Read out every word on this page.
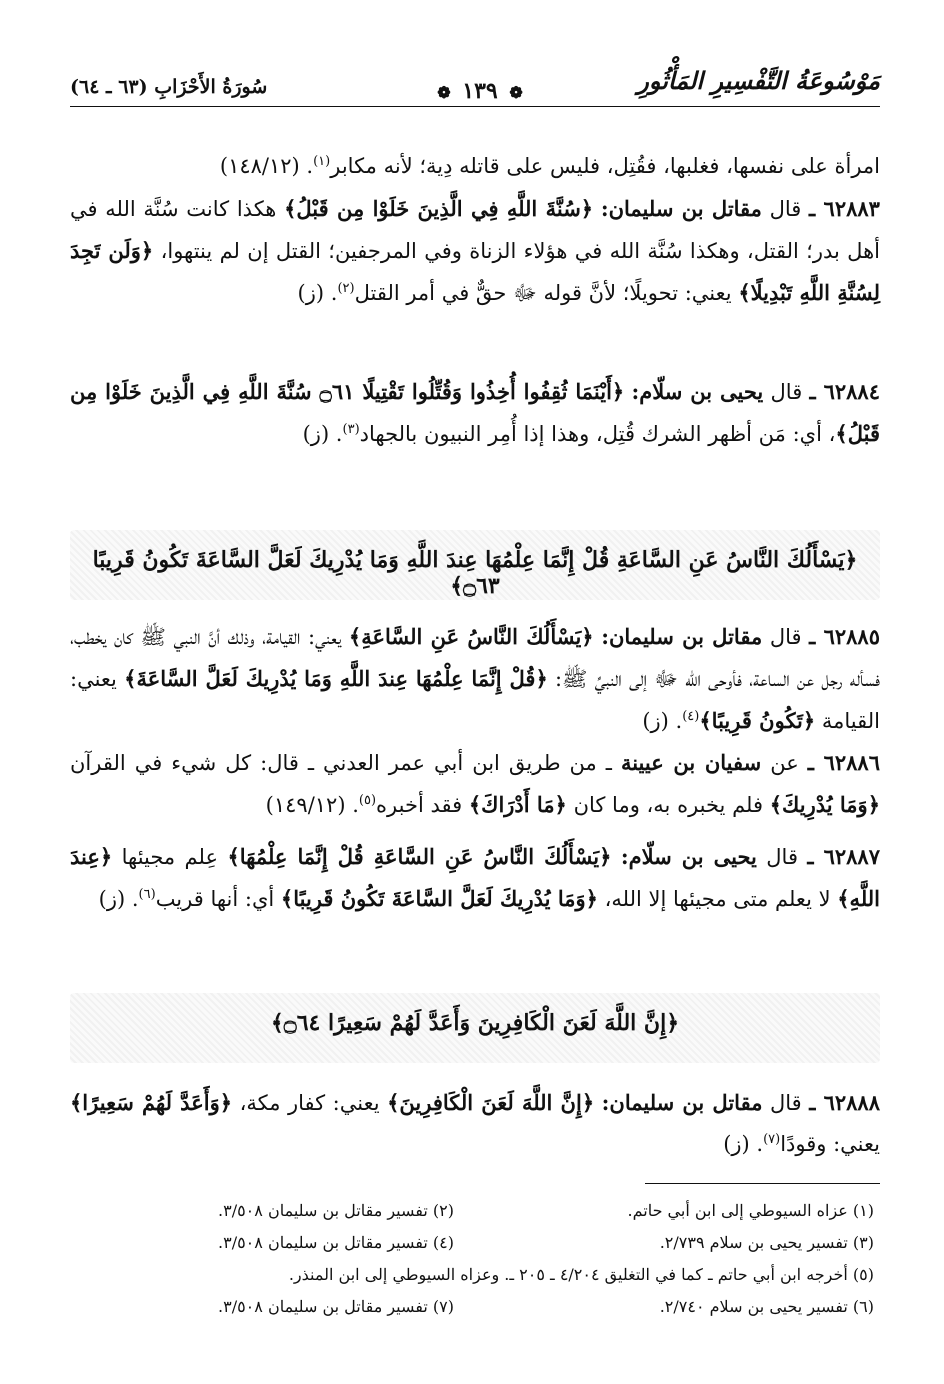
مَوْسُوعَةُ التَّفْسِيرِ المَأْثُورِ
❁ ١٣٩ ❁
سُورَةُ الأَحْزَابِ (٦٣ ـ ٦٤)
امرأة على نفسها، فغلبها، فقُتِل، فليس على قاتله دِية؛ لأنه مكابر$^{(١)}$. (١٤٨/١٢)
٦٢٨٨٣ ـ قال مقاتل بن سليمان: ﴿سُنَّةَ اللَّهِ فِي الَّذِينَ خَلَوْا مِن قَبْلُ﴾ هكذا كانت سُنَّة الله في أهل بدر؛ القتل، وهكذا سُنَّة الله في هؤلاء الزناة وفي المرجفين؛ القتل إن لم ينتهوا، ﴿وَلَن تَجِدَ لِسُنَّةِ اللَّهِ تَبْدِيلًا﴾ يعني: تحويلًا؛ لأنَّ قوله ﷻ حقٌّ في أمر القتل$^{(٢)}$. (ز)
٦٢٨٨٤ ـ قال يحيى بن سلّام: ﴿أَيْنَمَا ثُقِفُوا أُخِذُوا وَقُتِّلُوا تَقْتِيلًا ۝٦١ سُنَّةَ اللَّهِ فِي الَّذِينَ خَلَوْا مِن قَبْلُ﴾، أي: مَن أظهر الشرك قُتِل، وهذا إذا أُمِر النبيون بالجهاد$^{(٣)}$. (ز)
﴿يَسْأَلُكَ النَّاسُ عَنِ السَّاعَةِ قُلْ إِنَّمَا عِلْمُهَا عِندَ اللَّهِ وَمَا يُدْرِيكَ لَعَلَّ السَّاعَةَ تَكُونُ قَرِيبًا ۝٦٣﴾
٦٢٨٨٥ ـ قال مقاتل بن سليمان: ﴿يَسْأَلُكَ النَّاسُ عَنِ السَّاعَةِ﴾ يعني: القيامة، وذلك أنَّ النبي ﷺ كان يخطب، فسأله رجل عن الساعة، فأوحى الله ﷻ إلى النبيِّ ﷺ: ﴿قُلْ إِنَّمَا عِلْمُهَا عِندَ اللَّهِ وَمَا يُدْرِيكَ لَعَلَّ السَّاعَةَ﴾ يعني: القيامة ﴿تَكُونُ قَرِيبًا﴾$^{(٤)}$. (ز)
٦٢٨٨٦ ـ عن سفيان بن عيينة ـ من طريق ابن أبي عمر العدني ـ قال: كل شيء في القرآن ﴿وَمَا يُدْرِيكَ﴾ فلم يخبره به، وما كان ﴿مَا أَدْرَاكَ﴾ فقد أخبره$^{(٥)}$. (١٤٩/١٢)
٦٢٨٨٧ ـ قال يحيى بن سلّام: ﴿يَسْأَلُكَ النَّاسُ عَنِ السَّاعَةِ قُلْ إِنَّمَا عِلْمُهَا﴾ عِلم مجيئها ﴿عِندَ اللَّهِ﴾ لا يعلم متى مجيئها إلا الله، ﴿وَمَا يُدْرِيكَ لَعَلَّ السَّاعَةَ تَكُونُ قَرِيبًا﴾ أي: أنها قريب$^{(٦)}$. (ز)
﴿إِنَّ اللَّهَ لَعَنَ الْكَافِرِينَ وَأَعَدَّ لَهُمْ سَعِيرًا ۝٦٤﴾
٦٢٨٨٨ ـ قال مقاتل بن سليمان: ﴿إِنَّ اللَّهَ لَعَنَ الْكَافِرِينَ﴾ يعني: كفار مكة، ﴿وَأَعَدَّ لَهُمْ سَعِيرًا﴾ يعني: وقودًا$^{(٧)}$. (ز)
(١) عزاه السيوطي إلى ابن أبي حاتم.
(٢) تفسير مقاتل بن سليمان ٣/٥٠٨.
(٣) تفسير يحيى بن سلام ٢/٧٣٩.
(٤) تفسير مقاتل بن سليمان ٣/٥٠٨.
(٥) أخرجه ابن أبي حاتم ـ كما في التغليق ٤/٢٠٤ ـ ٢٠٥ ـ. وعزاه السيوطي إلى ابن المنذر.
(٦) تفسير يحيى بن سلام ٢/٧٤٠.
(٧) تفسير مقاتل بن سليمان ٣/٥٠٨.
